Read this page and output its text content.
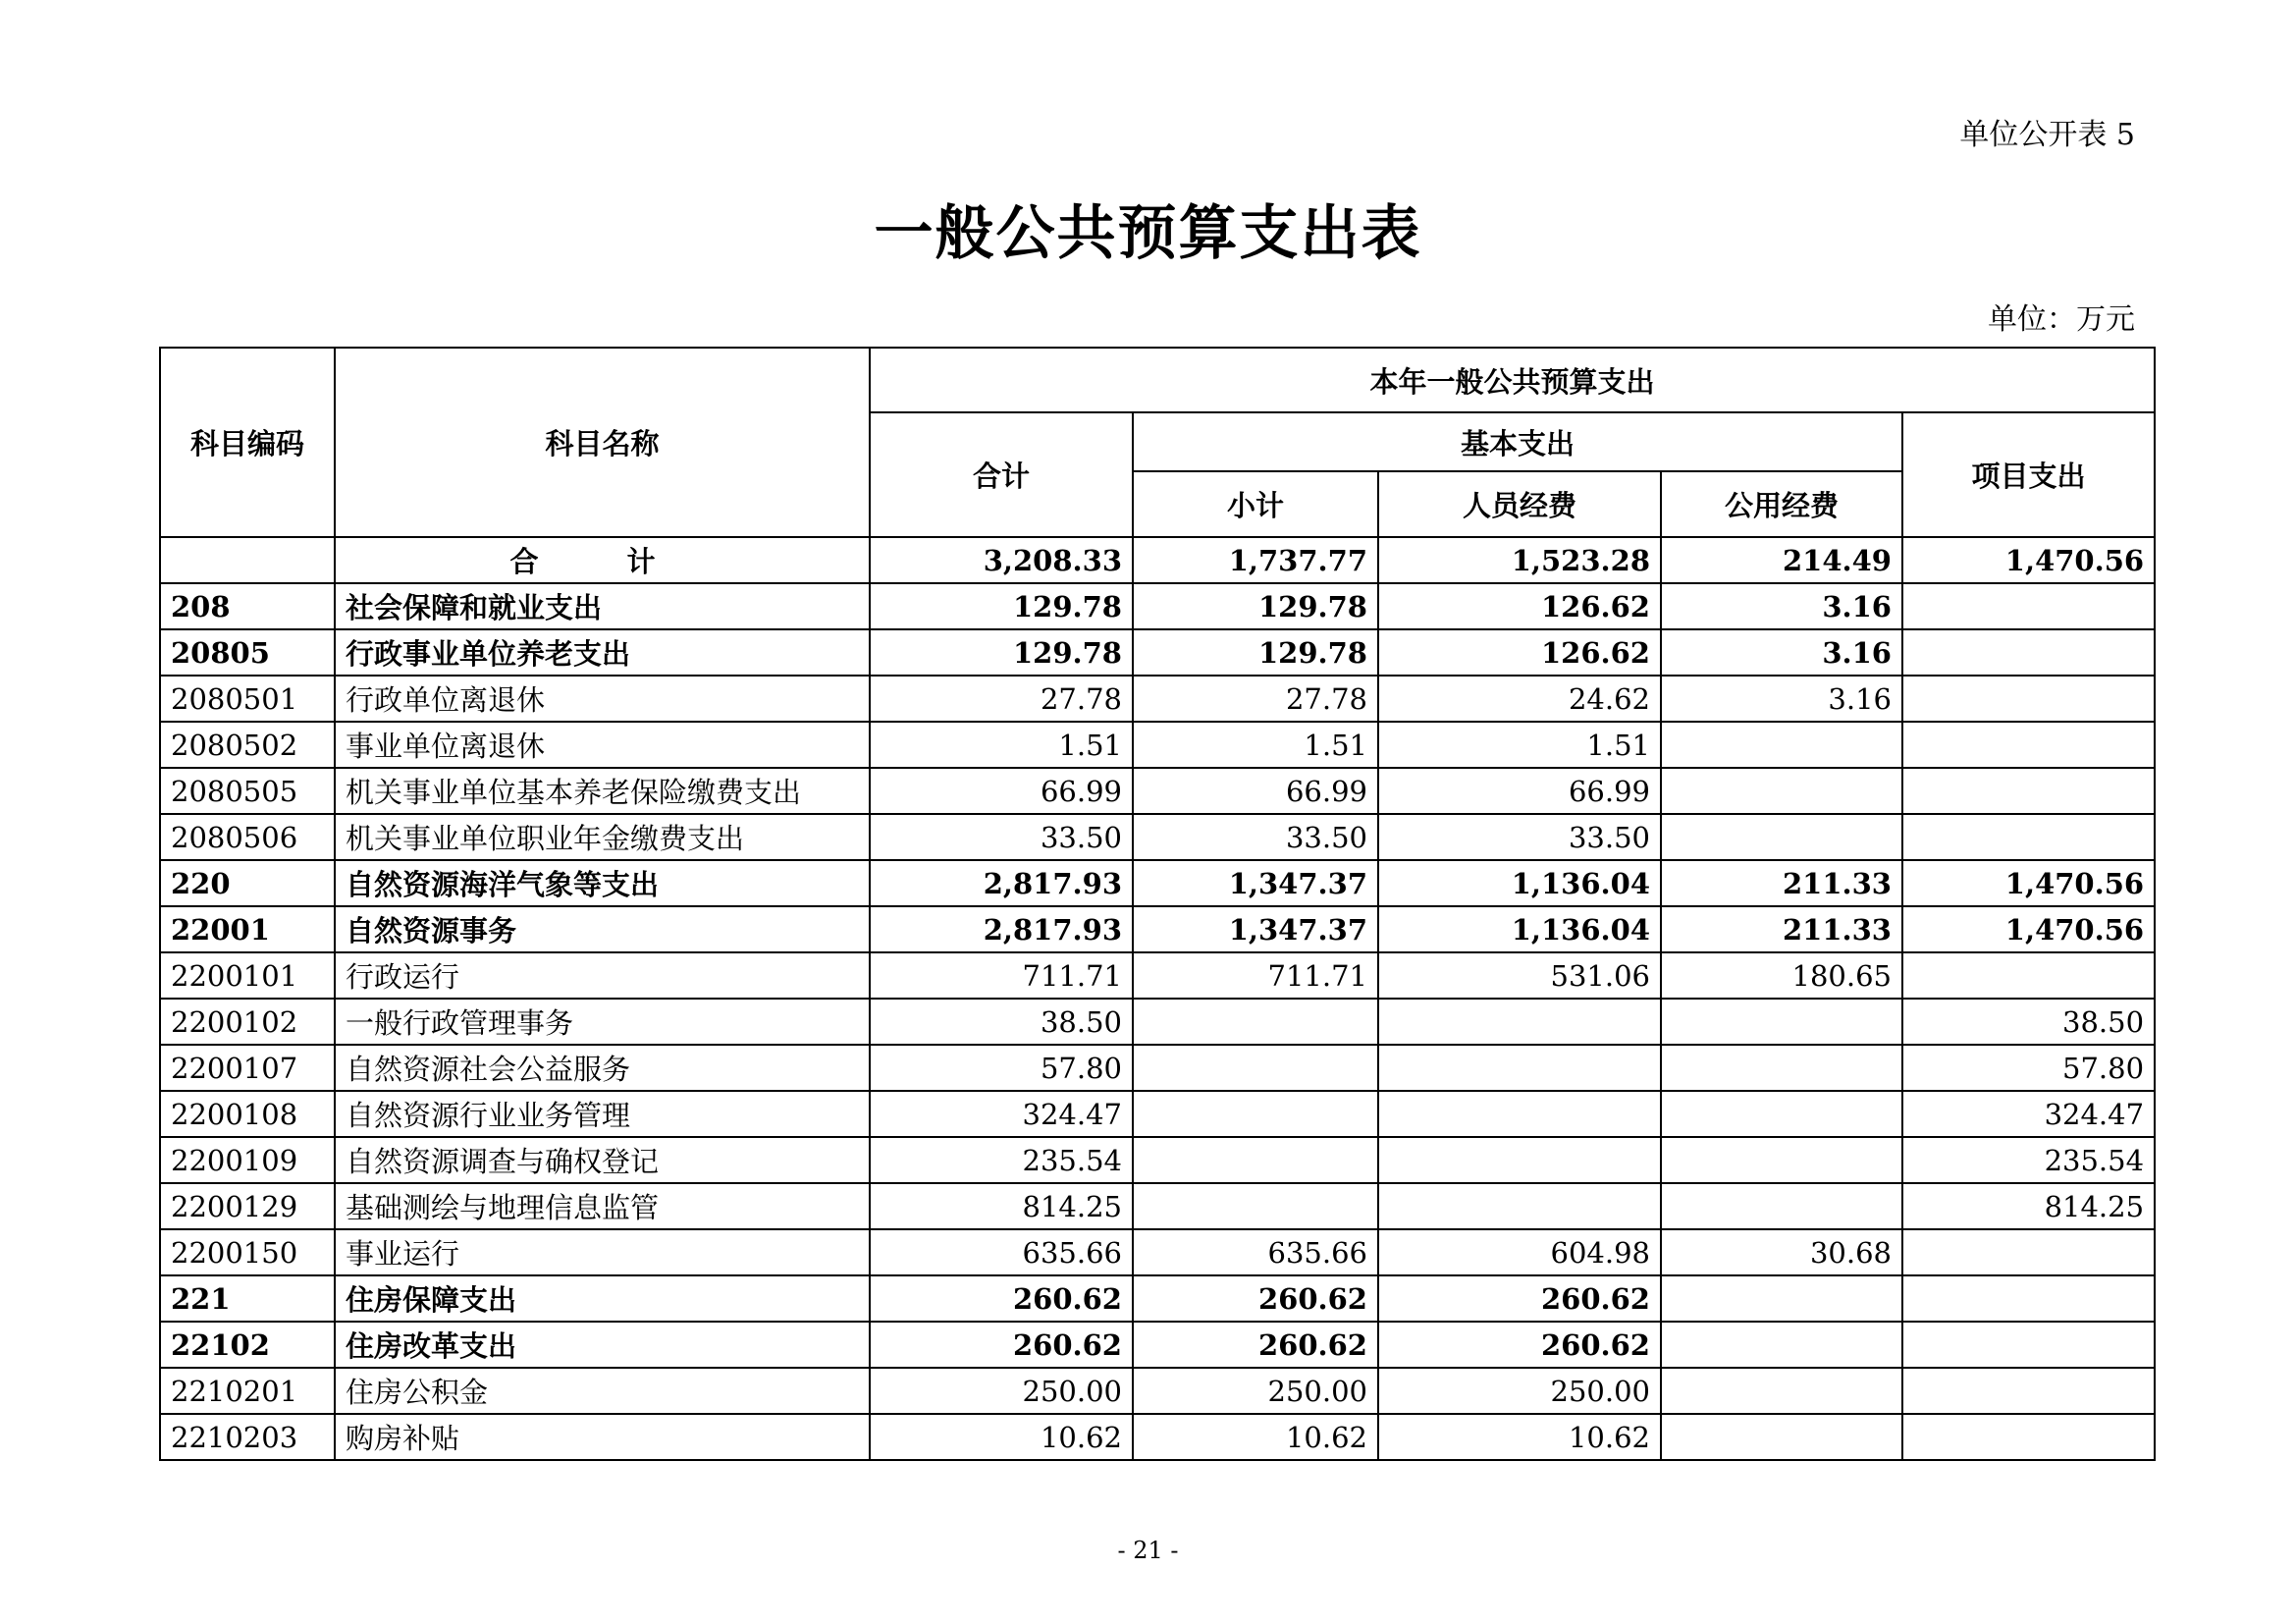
单位公开表 5
一般公共预算支出表
单位：万元
科目编码	科目名称	本年一般公共预算支出				
		合计	基本支出			项目支出
			小计	人员经费	公用经费	
	合 计	3,208.33	1,737.77	1,523.28	214.49	1,470.56
208	社会保障和就业支出	129.78	129.78	126.62	3.16	
20805	行政事业单位养老支出	129.78	129.78	126.62	3.16	
2080501	行政单位离退休	27.78	27.78	24.62	3.16	
2080502	事业单位离退休	1.51	1.51	1.51		
2080505	机关事业单位基本养老保险缴费支出	66.99	66.99	66.99		
2080506	机关事业单位职业年金缴费支出	33.50	33.50	33.50		
220	自然资源海洋气象等支出	2,817.93	1,347.37	1,136.04	211.33	1,470.56
22001	自然资源事务	2,817.93	1,347.37	1,136.04	211.33	1,470.56
2200101	行政运行	711.71	711.71	531.06	180.65	
2200102	一般行政管理事务	38.50				38.50
2200107	自然资源社会公益服务	57.80				57.80
2200108	自然资源行业业务管理	324.47				324.47
2200109	自然资源调查与确权登记	235.54				235.54
2200129	基础测绘与地理信息监管	814.25				814.25
2200150	事业运行	635.66	635.66	604.98	30.68	
221	住房保障支出	260.62	260.62	260.62		
22102	住房改革支出	260.62	260.62	260.62		
2210201	住房公积金	250.00	250.00	250.00		
2210203	购房补贴	10.62	10.62	10.62		
- 21 -
